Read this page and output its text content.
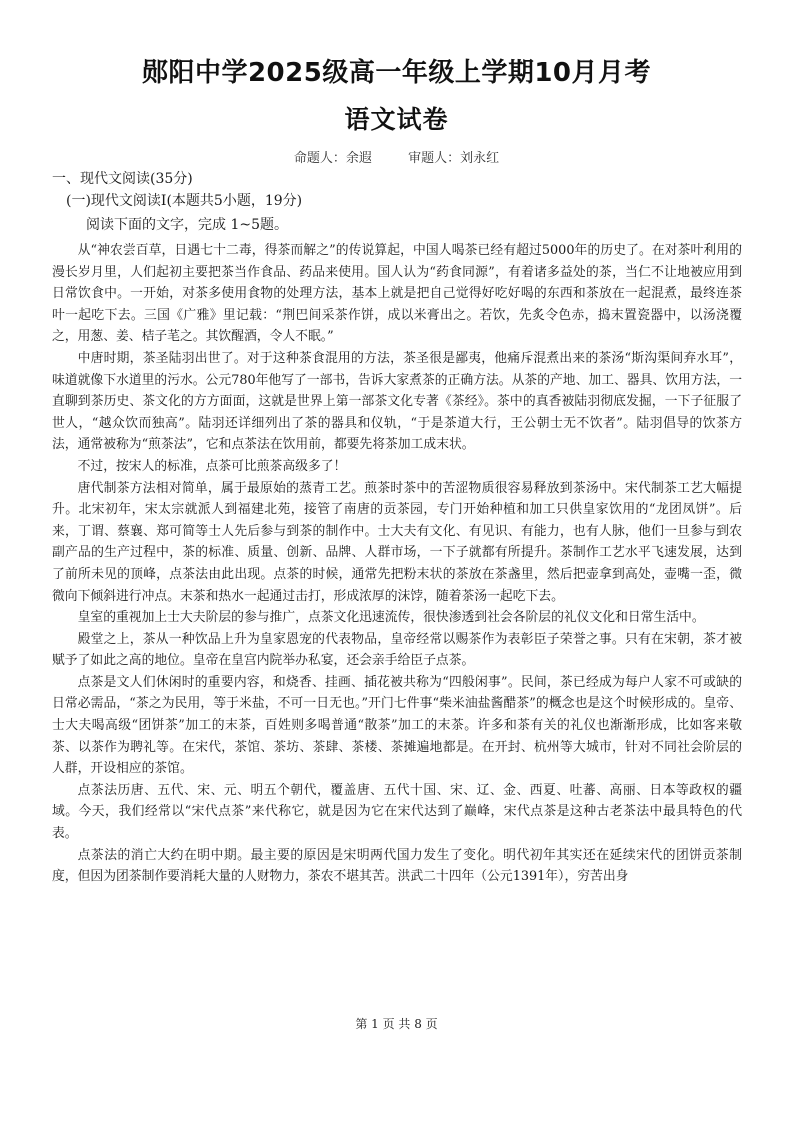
郧阳中学2025级高一年级上学期10月月考
语文试卷
命题人：余遐	审题人：刘永红
一、现代文阅读(35分)
(一)现代文阅读Ⅰ(本题共5小题，19分)
阅读下面的文字，完成 1~5题。

从“神农尝百草，日遇七十二毒，得茶而解之”的传说算起，中国人喝茶已经有超过5000年的历史了。在对茶叶利用的漫长岁月里，人们起初主要把茶当作食品、药品来使用。国人认为“药食同源”，有着诸多益处的茶，当仁不让地被应用到日常饮食中。一开始，对茶多使用食物的处理方法，基本上就是把自己觉得好吃好喝的东西和茶放在一起混煮，最终连茶叶一起吃下去。三国《广雅》里记载：“荆巴间采茶作饼，成以米膏出之。若饮，先炙令色赤，捣末置瓷器中，以汤浇覆之，用葱、姜、桔子芼之。其饮醒酒，令人不眠。”

中唐时期，茶圣陆羽出世了。对于这种茶食混用的方法，茶圣很是鄙夷，他痛斥混煮出来的茶汤“斯沟渠间弃水耳”，味道就像下水道里的污水。公元780年他写了一部书，告诉大家煮茶的正确方法。从茶的产地、加工、器具、饮用方法，一直聊到茶历史、茶文化的方方面面，这就是世界上第一部茶文化专著《茶经》。茶中的真香被陆羽彻底发掘，一下子征服了世人，“越众饮而独高”。陆羽还详细列出了茶的器具和仪轨，“于是茶道大行，王公朝士无不饮者”。陆羽倡导的饮茶方法，通常被称为“煎茶法”，它和点茶法在饮用前，都要先将茶加工成末状。

不过，按宋人的标准，点茶可比煎茶高级多了！

唐代制茶方法相对简单，属于最原始的蒸青工艺。煎茶时茶中的苦涩物质很容易释放到茶汤中。宋代制茶工艺大幅提升。北宋初年，宋太宗就派人到福建北苑，接管了南唐的贡茶园，专门开始种植和加工只供皇家饮用的“龙团凤饼”。后来，丁谓、蔡襄、郑可简等士人先后参与到茶的制作中。士大夫有文化、有见识、有能力，也有人脉，他们一旦参与到农副产品的生产过程中，茶的标准、质量、创新、品牌、人群市场，一下子就都有所提升。茶制作工艺水平飞速发展，达到了前所未见的顶峰，点茶法由此出现。点茶的时候，通常先把粉末状的茶放在茶盏里，然后把壶拿到高处，壶嘴一歪，微微向下倾斜进行冲点。末茶和热水一起通过击打，形成浓厚的沫饽，随着茶汤一起吃下去。

皇室的重视加上士大夫阶层的参与推广，点茶文化迅速流传，很快渗透到社会各阶层的礼仪文化和日常生活中。

殿堂之上，茶从一种饮品上升为皇家恩宠的代表物品，皇帝经常以赐茶作为表彰臣子荣誉之事。只有在宋朝，茶才被赋予了如此之高的地位。皇帝在皇宫内院举办私宴，还会亲手给臣子点茶。

点茶是文人们休闲时的重要内容，和烧香、挂画、插花被共称为“四般闲事”。民间，茶已经成为每户人家不可或缺的日常必需品，“茶之为民用，等于米盐，不可一日无也。”开门七件事“柴米油盐酱醋茶”的概念也是这个时候形成的。皇帝、士大夫喝高级“团饼茶”加工的末茶，百姓则多喝普通“散茶”加工的末茶。许多和茶有关的礼仪也渐渐形成，比如客来敬茶、以茶作为聘礼等。在宋代，茶馆、茶坊、茶肆、茶楼、茶摊遍地都是。在开封、杭州等大城市，针对不同社会阶层的人群，开设相应的茶馆。

点茶法历唐、五代、宋、元、明五个朝代，覆盖唐、五代十国、宋、辽、金、西夏、吐蕃、高丽、日本等政权的疆域。今天，我们经常以“宋代点茶”来代称它，就是因为它在宋代达到了巅峰，宋代点茶是这种古老茶法中最具特色的代表。

点茶法的消亡大约在明中期。最主要的原因是宋明两代国力发生了变化。明代初年其实还在延续宋代的团饼贡茶制度，但因为团茶制作要消耗大量的人财物力，茶农不堪其苦。洪武二十四年（公元1391年），穷苦出身

第 1 页 共 8 页
